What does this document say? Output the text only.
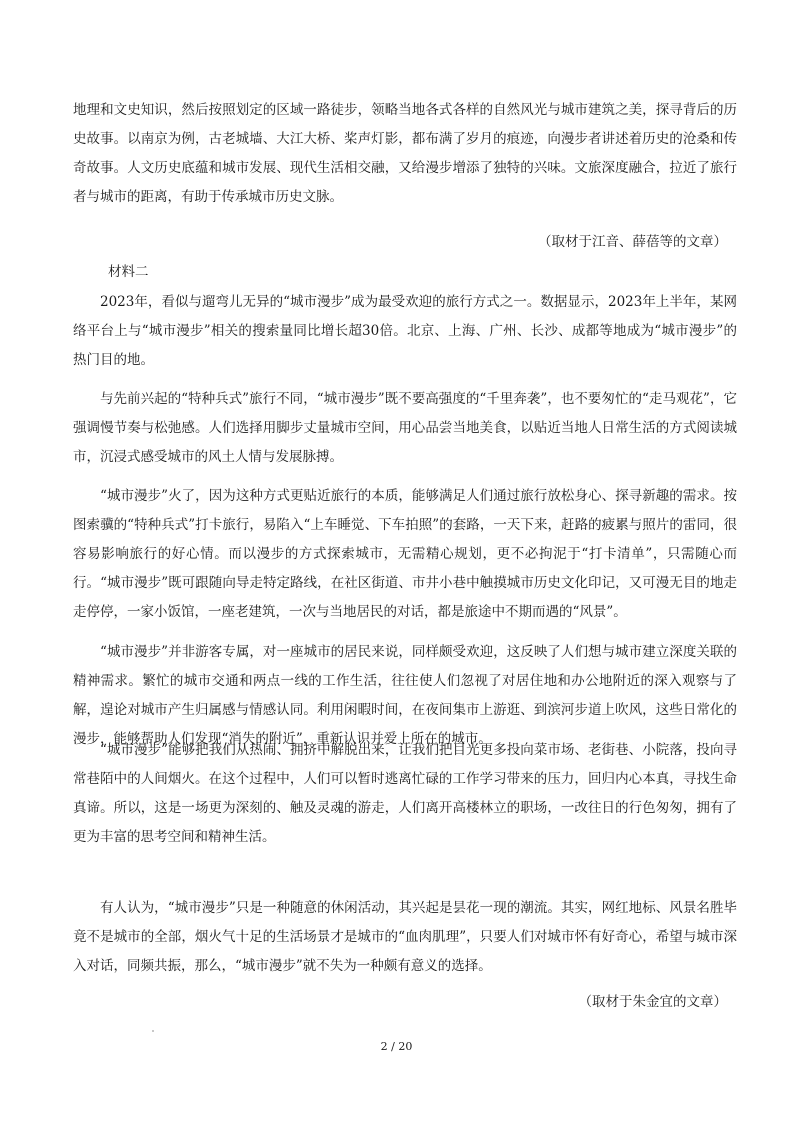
地理和文史知识，然后按照划定的区域一路徒步，领略当地各式各样的自然风光与城市建筑之美，探寻背后的历史故事。以南京为例，古老城墙、大江大桥、桨声灯影，都布满了岁月的痕迹，向漫步者讲述着历史的沧桑和传奇故事。人文历史底蕴和城市发展、现代生活相交融，又给漫步增添了独特的兴味。文旅深度融合，拉近了旅行者与城市的距离，有助于传承城市历史文脉。

（取材于江音、薛蓓等的文章）

材料二

2023年，看似与遛弯儿无异的“城市漫步”成为最受欢迎的旅行方式之一。数据显示，2023年上半年，某网络平台上与“城市漫步”相关的搜索量同比增长超30倍。北京、上海、广州、长沙、成都等地成为“城市漫步”的热门目的地。

与先前兴起的“特种兵式”旅行不同，“城市漫步”既不要高强度的“千里奔袭”，也不要匆忙的“走马观花”，它强调慢节奏与松弛感。人们选择用脚步丈量城市空间，用心品尝当地美食，以贴近当地人日常生活的方式阅读城市，沉浸式感受城市的风土人情与发展脉搏。

“城市漫步”火了，因为这种方式更贴近旅行的本质，能够满足人们通过旅行放松身心、探寻新趣的需求。按图索骥的“特种兵式”打卡旅行，易陷入“上车睡觉、下车拍照”的套路，一天下来，赶路的疲累与照片的雷同，很容易影响旅行的好心情。而以漫步的方式探索城市，无需精心规划，更不必拘泥于“打卡清单”，只需随心而行。“城市漫步”既可跟随向导走特定路线，在社区街道、市井小巷中触摸城市历史文化印记，又可漫无目的地走走停停，一家小饭馆，一座老建筑，一次与当地居民的对话，都是旅途中不期而遇的“风景”。

“城市漫步”并非游客专属，对一座城市的居民来说，同样颇受欢迎，这反映了人们想与城市建立深度关联的精神需求。繁忙的城市交通和两点一线的工作生活，往往使人们忽视了对居住地和办公地附近的深入观察与了解，遑论对城市产生归属感与情感认同。利用闲暇时间，在夜间集市上游逛、到滨河步道上吹风，这些日常化的漫步，能够帮助人们发现“消失的附近”，重新认识并爱上所在的城市。

“城市漫步”能够把我们从热闹、拥挤中解脱出来，让我们把目光更多投向菜市场、老街巷、小院落，投向寻常巷陌中的人间烟火。在这个过程中，人们可以暂时逃离忙碌的工作学习带来的压力，回归内心本真，寻找生命真谛。所以，这是一场更为深刻的、触及灵魂的游走，人们离开高楼林立的职场，一改往日的行色匆匆，拥有了更为丰富的思考空间和精神生活。

有人认为，“城市漫步”只是一种随意的休闲活动，其兴起是昙花一现的潮流。其实，网红地标、风景名胜毕竟不是城市的全部，烟火气十足的生活场景才是城市的“血肉肌理”，只要人们对城市怀有好奇心，希望与城市深入对话，同频共振，那么，“城市漫步”就不失为一种颇有意义的选择。

（取材于朱金宜的文章）

2 / 20
